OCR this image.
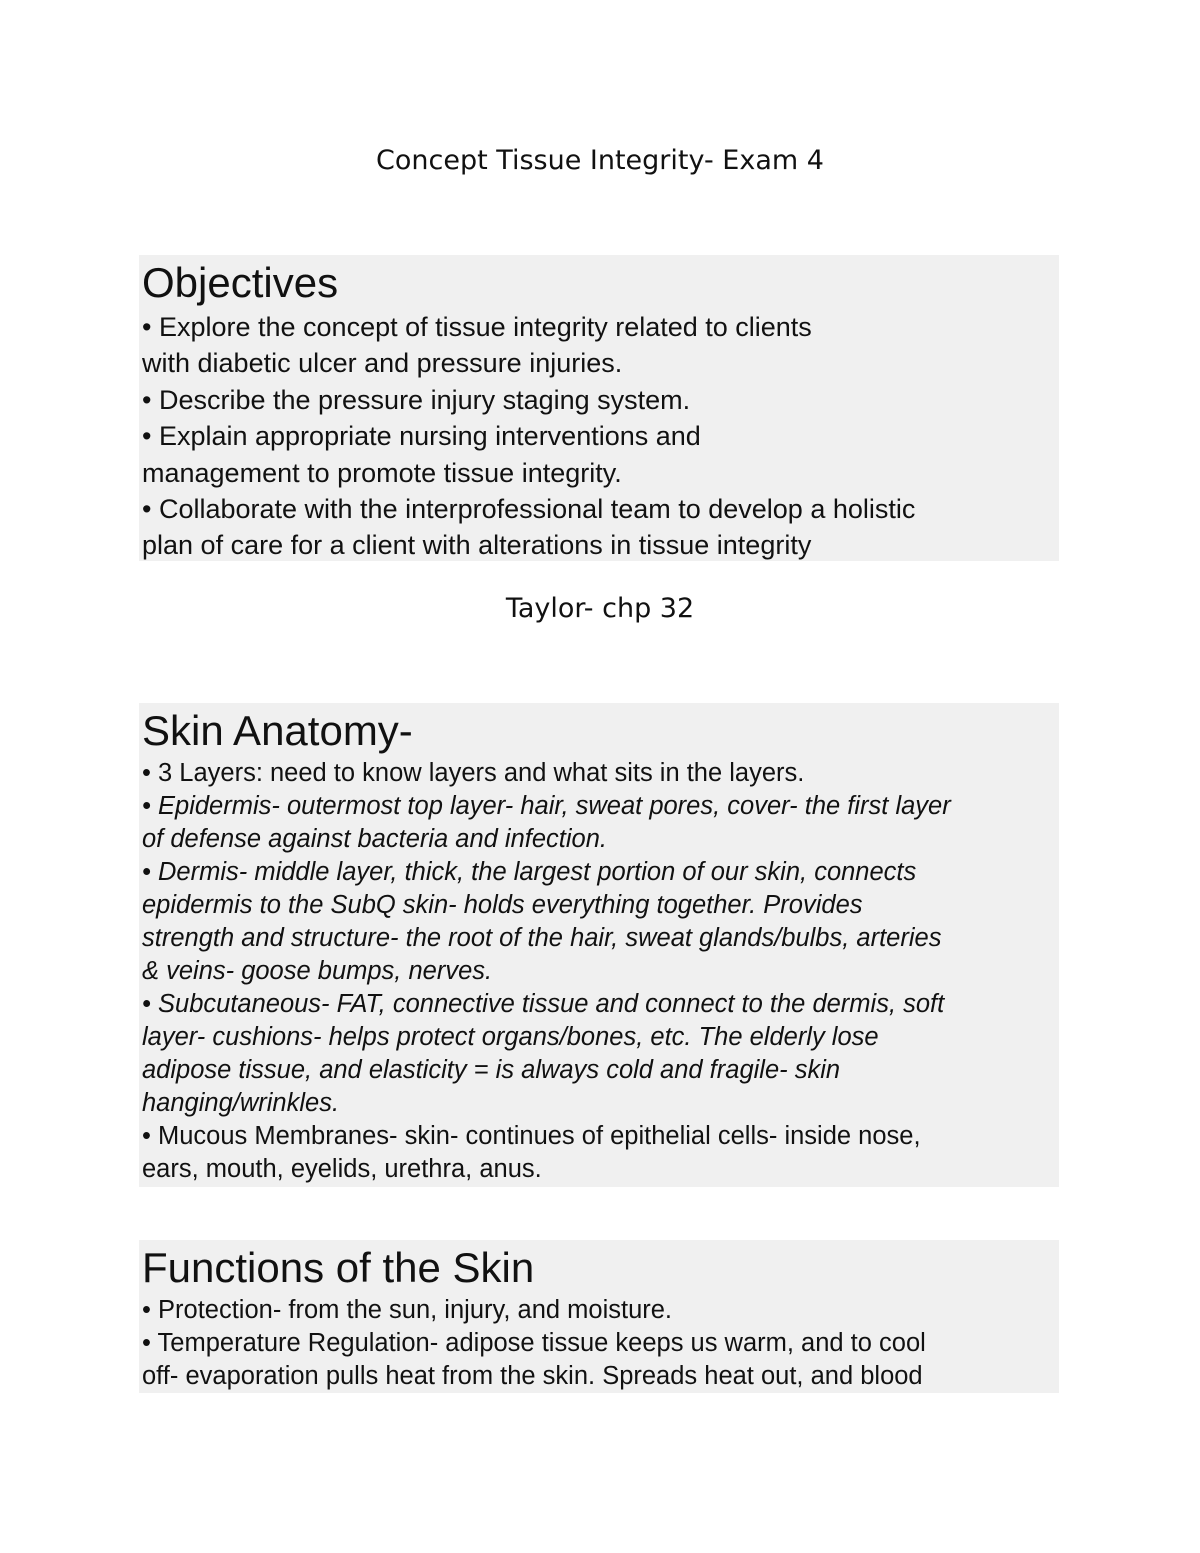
Concept Tissue Integrity- Exam 4

Objectives

• Explore the concept of tissue integrity related to clients
with diabetic ulcer and pressure injuries.

• Describe the pressure injury staging system.

• Explain appropriate nursing interventions and
management to promote tissue integrity.

• Collaborate with the interprofessional team to develop a holistic
plan of care for a client with alterations in tissue integrity

Taylor- chp 32

Skin Anatomy-

• 3 Layers: need to know layers and what sits in the layers.

• Epidermis- outermost top layer- hair, sweat pores, cover- the first layer
of defense against bacteria and infection.

• Dermis- middle layer, thick, the largest portion of our skin, connects
epidermis to the SubQ skin- holds everything together. Provides
strength and structure- the root of the hair, sweat glands/bulbs, arteries
& veins- goose bumps, nerves.

• Subcutaneous- FAT, connective tissue and connect to the dermis, soft
layer- cushions- helps protect organs/bones, etc. The elderly lose
adipose tissue, and elasticity = is always cold and fragile- skin
hanging/wrinkles.

• Mucous Membranes- skin- continues of epithelial cells- inside nose,
ears, mouth, eyelids, urethra, anus.

Functions of the Skin

• Protection- from the sun, injury, and moisture.

• Temperature Regulation- adipose tissue keeps us warm, and to cool
off- evaporation pulls heat from the skin. Spreads heat out, and blood
